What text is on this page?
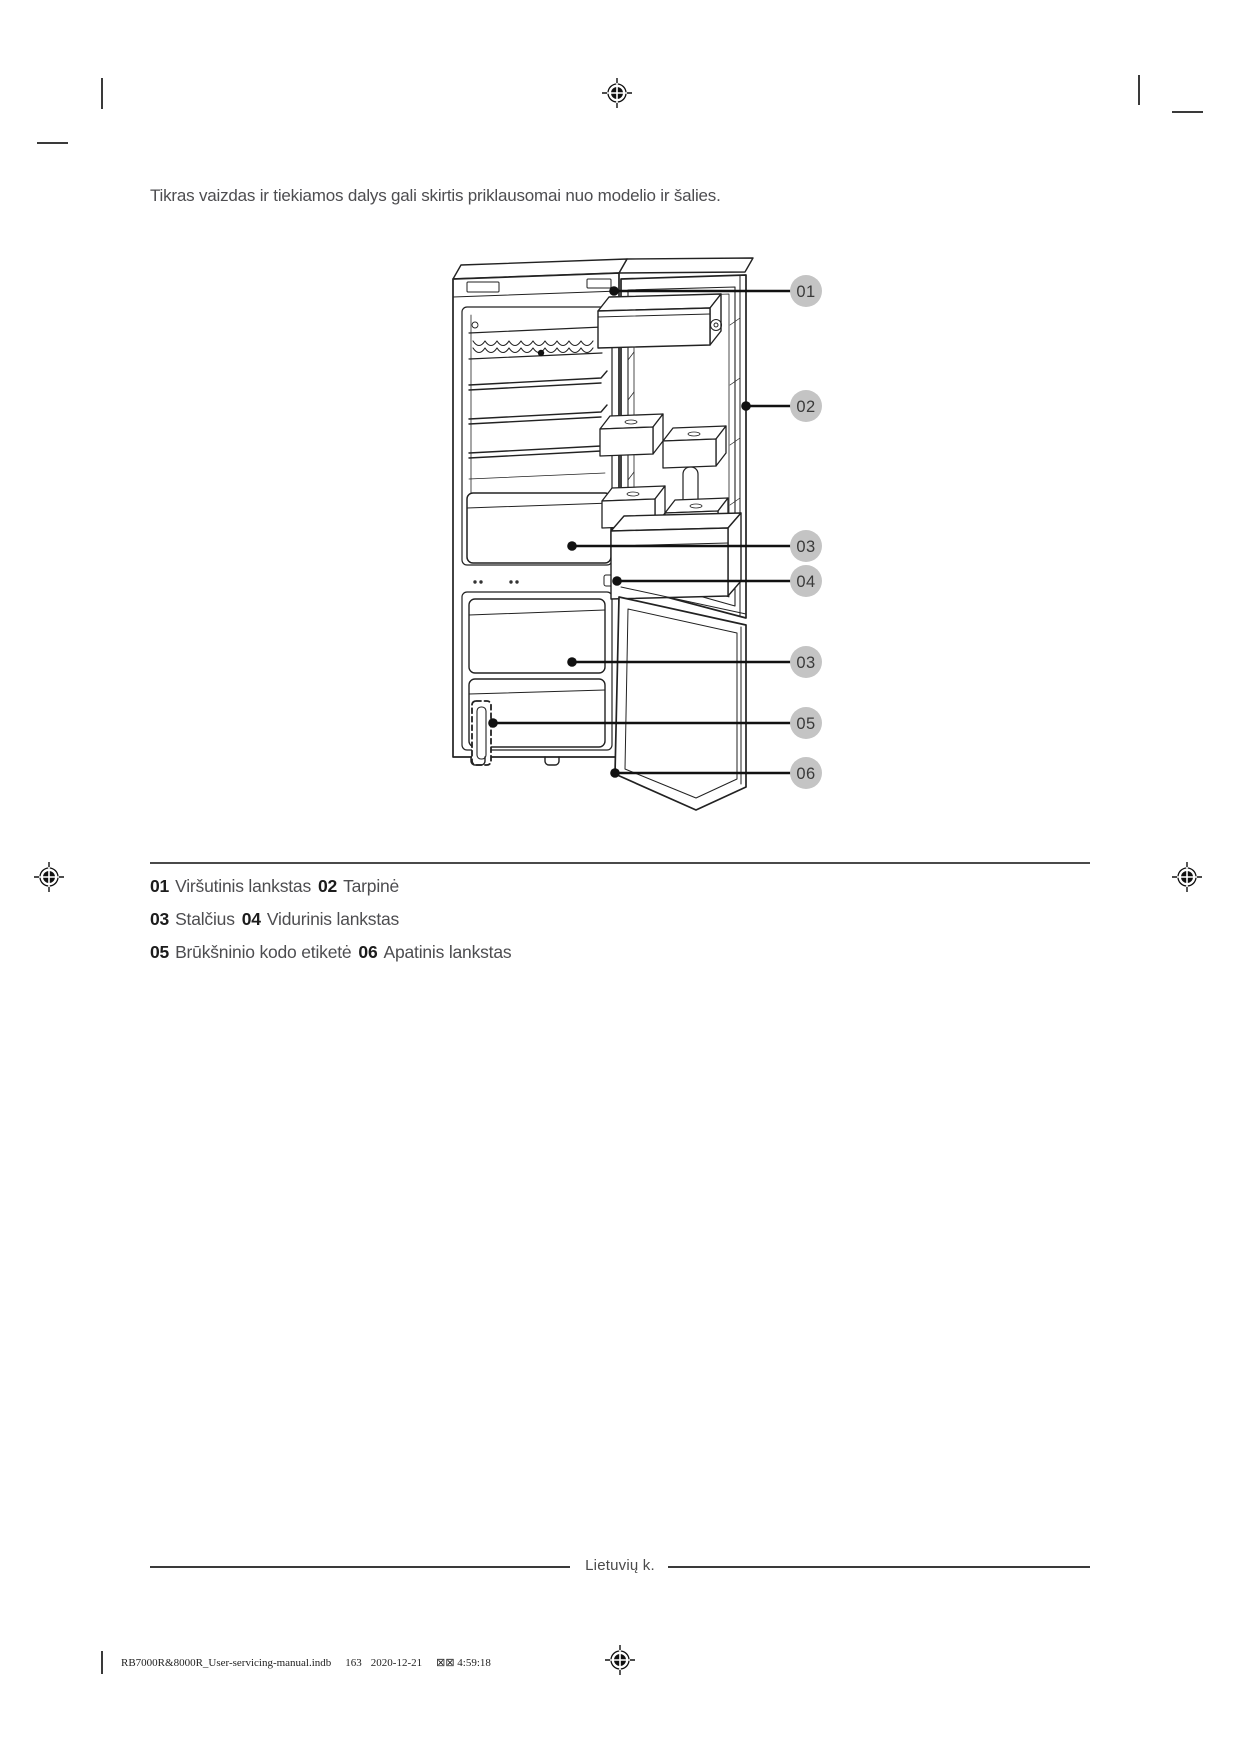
Tikras vaizdas ir tiekiamos dalys gali skirtis priklausomai nuo modelio ir šalies.
01
02
03
04
03
05
06
01 Viršutinis lankstas 02 Tarpinė
03 Stalčius 04 Vidurinis lankstas
05 Brūkšninio kodo etiketė 06 Apatinis lankstas
Lietuvių k.
RB7000R&8000R_User-servicing-manual.indb 163 2020-12-21 ⊠⊠ 4:59:18
